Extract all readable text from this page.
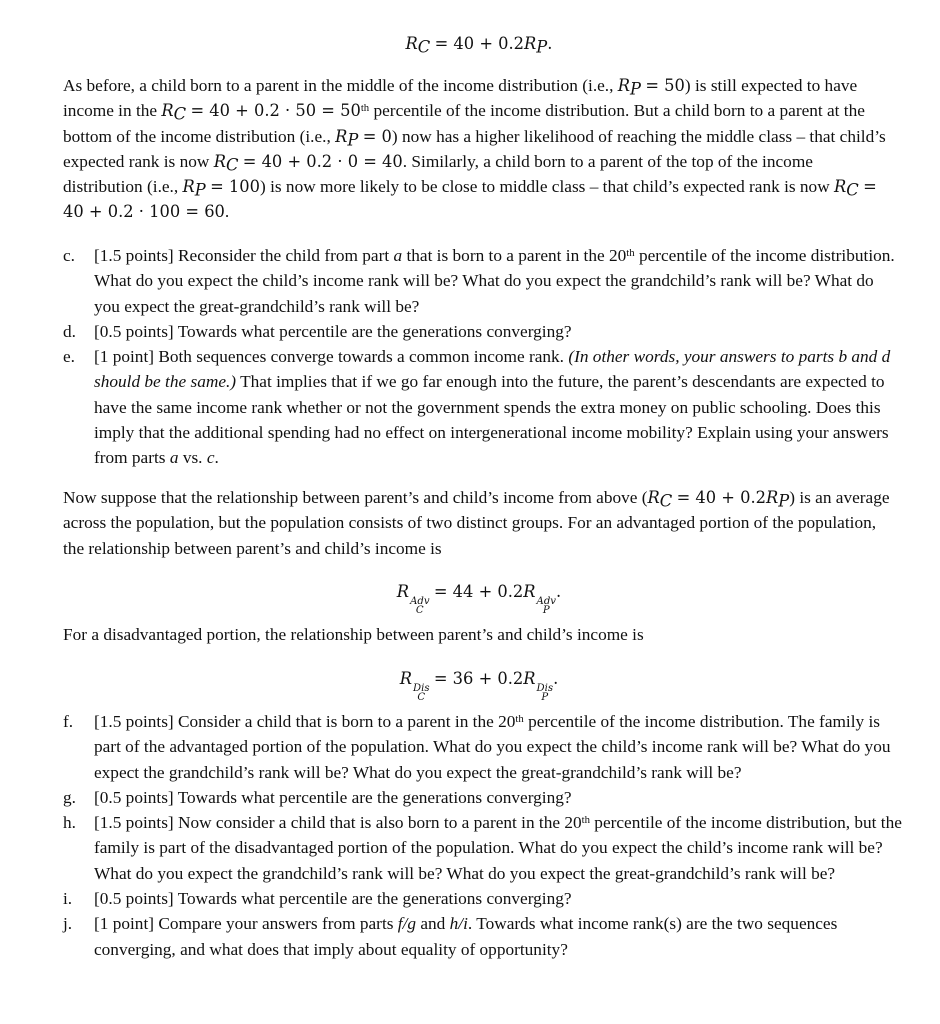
$R_C = 40 + 0.2R_P$.
As before, a child born to a parent in the middle of the income distribution (i.e., $R_P = 50$) is still expected to have income in the $R_C = 40 + 0.2 \cdot 50 = 50th$ percentile of the income distribution. But a child born to a parent at the bottom of the income distribution (i.e., $R_P = 0$) now has a higher likelihood of reaching the middle class – that child’s expected rank is now $R_C = 40 + 0.2 \cdot 0 = 40$. Similarly, a child born to a parent of the top of the income distribution (i.e., $R_P = 100$) is now more likely to be close to middle class – that child’s expected rank is now $R_C = 40 + 0.2 \cdot 100 = 60$.
c.	[1.5 points] Reconsider the child from part a that is born to a parent in the 20th percentile of the income distribution. What do you expect the child’s income rank will be? What do you expect the grandchild’s rank will be? What do you expect the great-grandchild’s rank will be?
d.	[0.5 points] Towards what percentile are the generations converging?
e.	[1 point] Both sequences converge towards a common income rank. (In other words, your answers to parts b and d should be the same.) That implies that if we go far enough into the future, the parent’s descendants are expected to have the same income rank whether or not the government spends the extra money on public schooling. Does this imply that the additional spending had no effect on intergenerational income mobility? Explain using your answers from parts a vs. c.
Now suppose that the relationship between parent’s and child’s income from above $(R_C = 40 + 0.2R_P)$ is an average across the population, but the population consists of two distinct groups. For an advantaged portion of the population, the relationship between parent’s and child’s income is
R
Adv
C
= 44 + 0.2R
Adv
P
.
For a disadvantaged portion, the relationship between parent’s and child’s income is
R
Dis
C
= 36 + 0.2R
Dis
P
.
f.	[1.5 points] Consider a child that is born to a parent in the 20th percentile of the income distribution. The family is part of the advantaged portion of the population. What do you expect the child’s income rank will be? What do you expect the grandchild’s rank will be? What do you expect the great-grandchild’s rank will be?
g.	[0.5 points] Towards what percentile are the generations converging?
h.	[1.5 points] Now consider a child that is also born to a parent in the 20th percentile of the income distribution, but the family is part of the disadvantaged portion of the population. What do you expect the child’s income rank will be? What do you expect the grandchild’s rank will be? What do you expect the great-grandchild’s rank will be?
i.	[0.5 points] Towards what percentile are the generations converging?
j.	[1 point] Compare your answers from parts f/g and h/i. Towards what income rank(s) are the two sequences converging, and what does that imply about equality of opportunity?
